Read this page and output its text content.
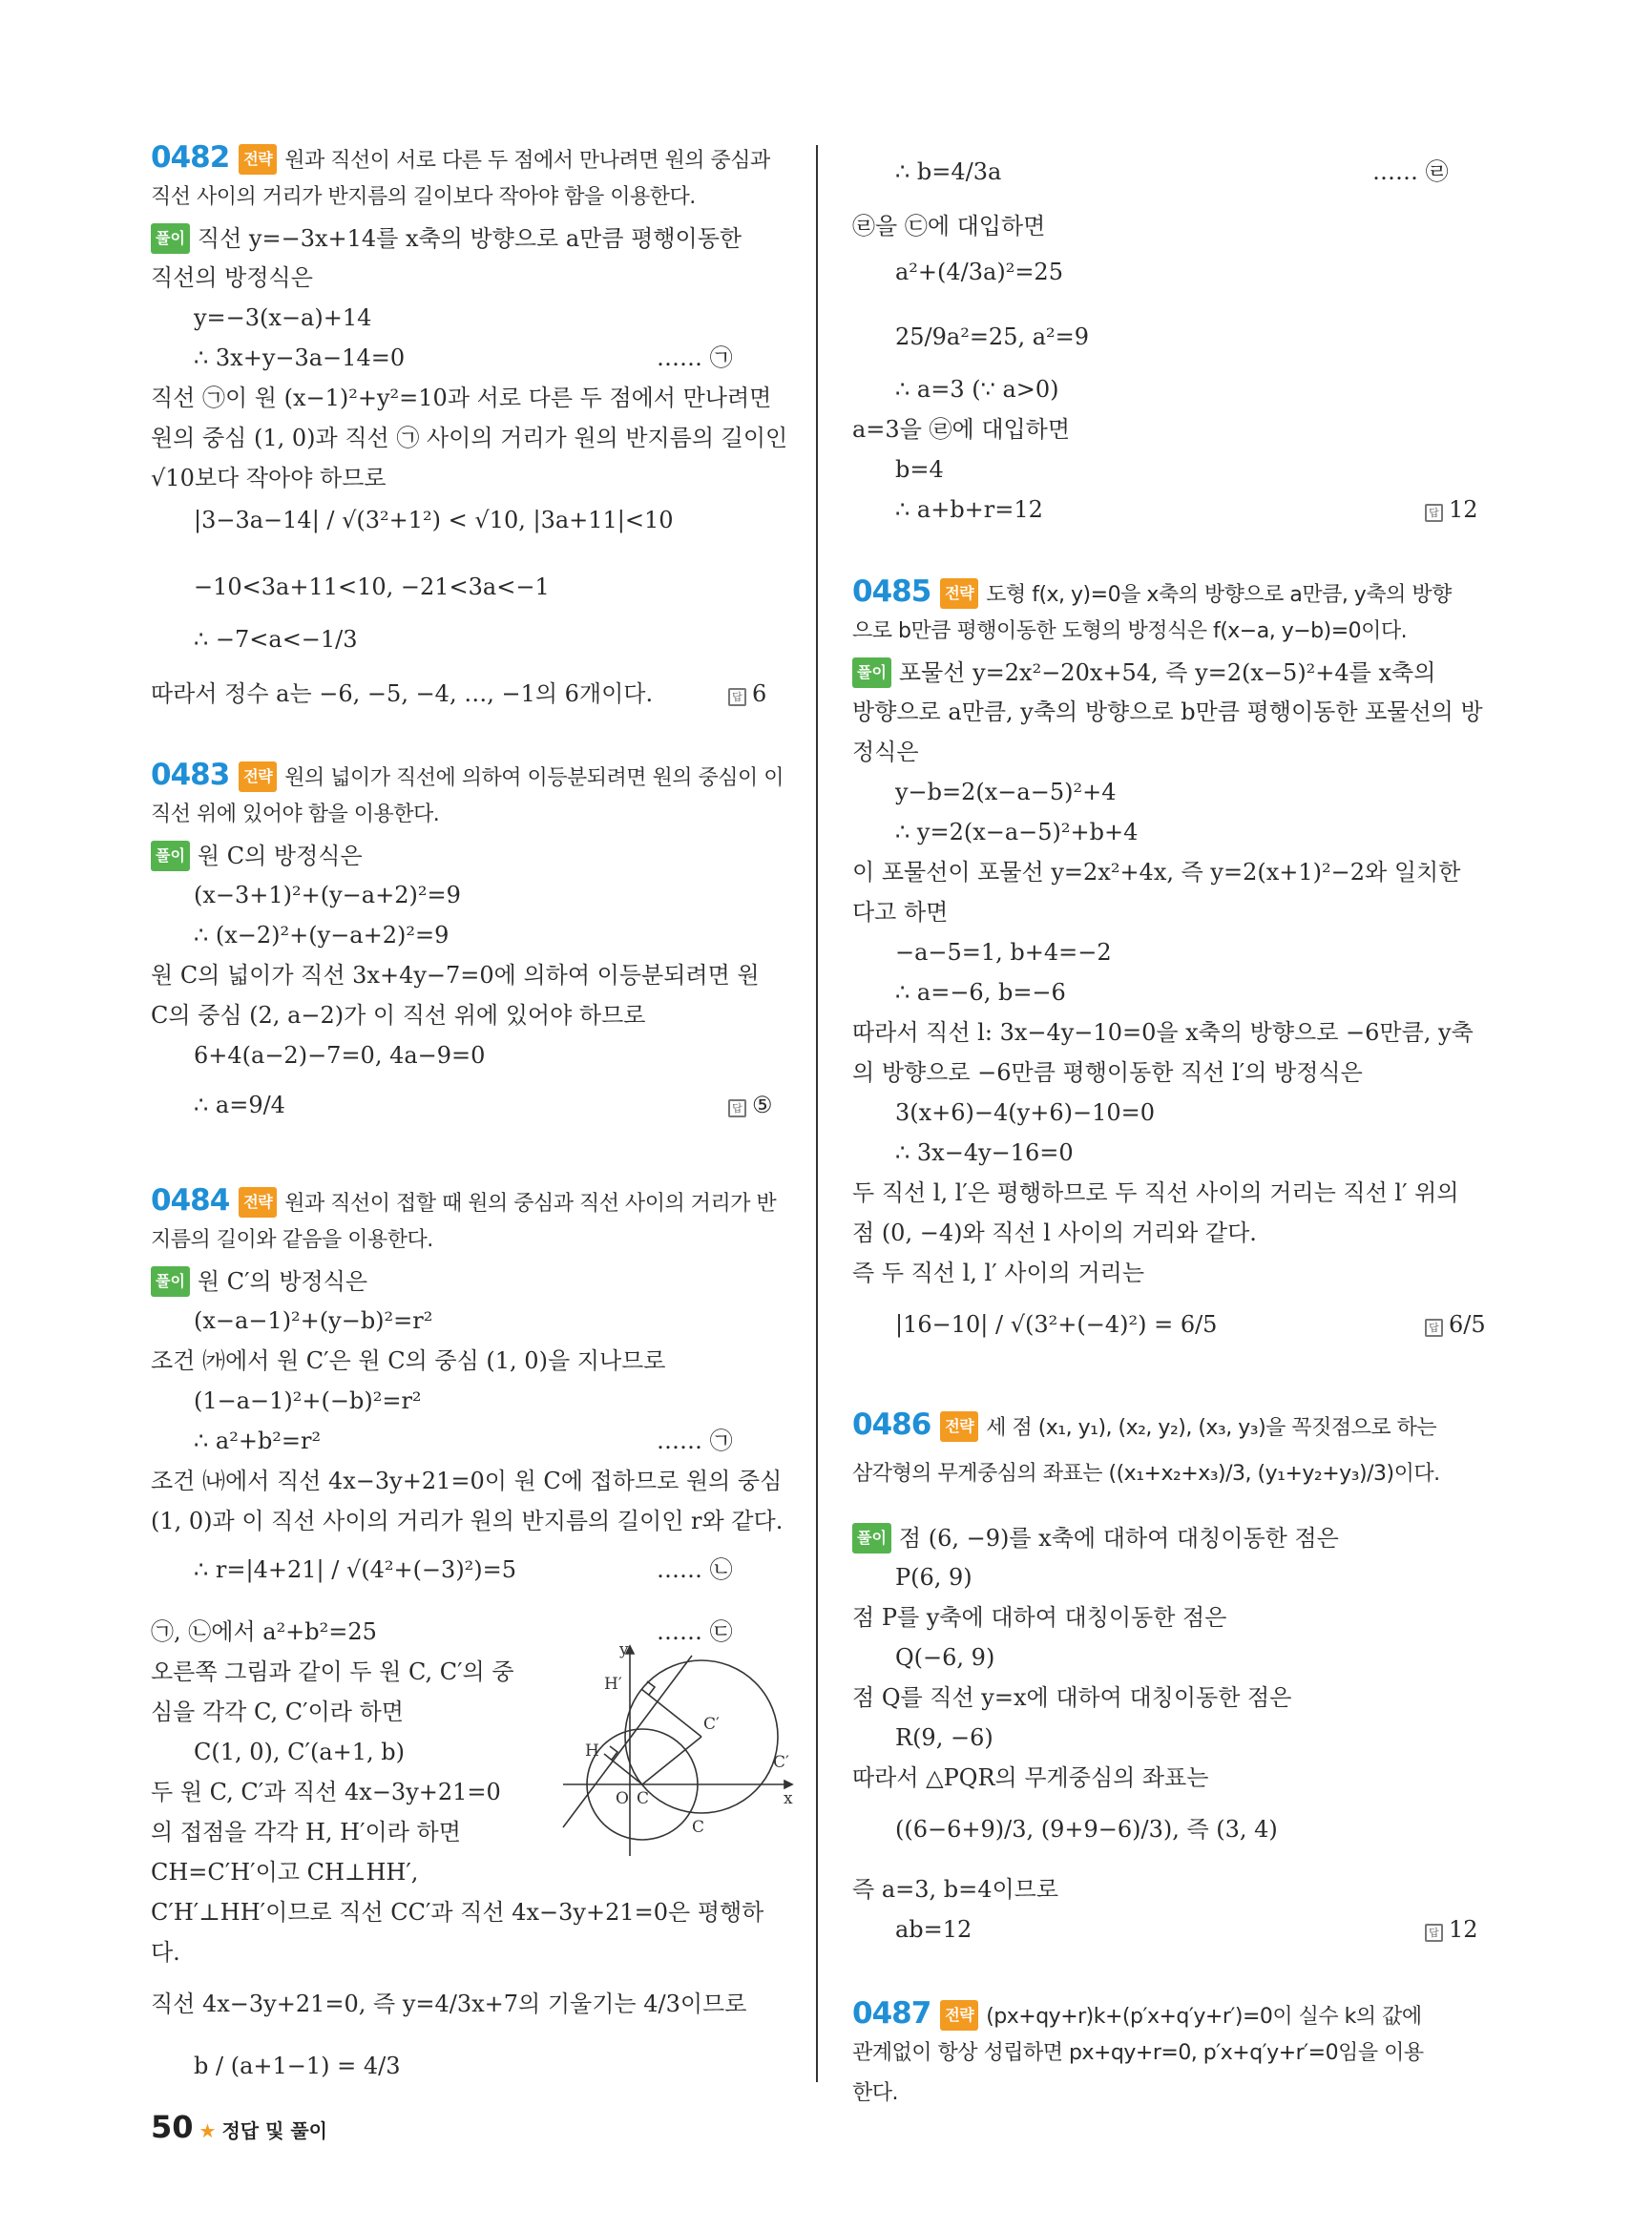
0482 전략 원과 직선이 서로 다른 두 점에서 만나려면 원의 중심과
직선 사이의 거리가 반지름의 길이보다 작아야 함을 이용한다.
풀이 직선 y=−3x+14를 x축의 방향으로 a만큼 평행이동한
직선의 방정식은
y=−3(x−a)+14
∴ 3x+y−3a−14=0
직선 ㉠이 원 (x−1)²+y²=10과 서로 다른 두 점에서 만나려면
원의 중심 (1, 0)과 직선 ㉠ 사이의 거리가 원의 반지름의 길이인
√10보다 작아야 하므로
|3−3a−14| / √(3²+1²) < √10, |3a+11|<10
−10<3a+11<10, −21<3a<−1
∴ −7<a<−1/3
따라서 정수 a는 −6, −5, −4, …, −1의 6개이다.
0483 전략 원의 넓이가 직선에 의하여 이등분되려면 원의 중심이 이
직선 위에 있어야 함을 이용한다.
풀이 원 C의 방정식은
(x−3+1)²+(y−a+2)²=9
∴ (x−2)²+(y−a+2)²=9
원 C의 넓이가 직선 3x+4y−7=0에 의하여 이등분되려면 원
C의 중심 (2, a−2)가 이 직선 위에 있어야 하므로
6+4(a−2)−7=0, 4a−9=0
∴ a=9/4
0484 전략 원과 직선이 접할 때 원의 중심과 직선 사이의 거리가 반
지름의 길이와 같음을 이용한다.
풀이 원 C′의 방정식은
(x−a−1)²+(y−b)²=r²
조건 ㈎에서 원 C′은 원 C의 중심 (1, 0)을 지나므로
(1−a−1)²+(−b)²=r²
∴ a²+b²=r²
조건 ㈏에서 직선 4x−3y+21=0이 원 C에 접하므로 원의 중심
(1, 0)과 이 직선 사이의 거리가 원의 반지름의 길이인 r와 같다.
∴ r=|4+21| / √(4²+(−3)²)=5
㉠, ㉡에서 a²+b²=25
오른쪽 그림과 같이 두 원 C, C′의 중
심을 각각 C, C′이라 하면
C(1, 0), C′(a+1, b)
두 원 C, C′과 직선 4x−3y+21=0
의 접점을 각각 H, H′이라 하면
CH=C′H′이고 CH⊥HH′,
C′H′⊥HH′이므로 직선 CC′과 직선 4x−3y+21=0은 평행하
다.
직선 4x−3y+21=0, 즉 y=4/3x+7의 기울기는 4/3이므로
b / (a+1−1) = 4/3
…… ㉠
…… ㉠
…… ㉡
…… ㉢
답 6
답 ⑤
∴ b=4/3a
㉣을 ㉢에 대입하면
a²+(4/3a)²=25
25/9a²=25, a²=9
∴ a=3 (∵ a>0)
a=3을 ㉣에 대입하면
b=4
∴ a+b+r=12
0485 전략 도형 f(x, y)=0을 x축의 방향으로 a만큼, y축의 방향
으로 b만큼 평행이동한 도형의 방정식은 f(x−a, y−b)=0이다.
풀이 포물선 y=2x²−20x+54, 즉 y=2(x−5)²+4를 x축의
방향으로 a만큼, y축의 방향으로 b만큼 평행이동한 포물선의 방
정식은
y−b=2(x−a−5)²+4
∴ y=2(x−a−5)²+b+4
이 포물선이 포물선 y=2x²+4x, 즉 y=2(x+1)²−2와 일치한
다고 하면
−a−5=1, b+4=−2
∴ a=−6, b=−6
따라서 직선 l: 3x−4y−10=0을 x축의 방향으로 −6만큼, y축
의 방향으로 −6만큼 평행이동한 직선 l′의 방정식은
3(x+6)−4(y+6)−10=0
∴ 3x−4y−16=0
두 직선 l, l′은 평행하므로 두 직선 사이의 거리는 직선 l′ 위의
점 (0, −4)와 직선 l 사이의 거리와 같다.
즉 두 직선 l, l′ 사이의 거리는
|16−10| / √(3²+(−4)²) = 6/5
0486 전략 세 점 (x₁, y₁), (x₂, y₂), (x₃, y₃)을 꼭짓점으로 하는
삼각형의 무게중심의 좌표는 ((x₁+x₂+x₃)/3, (y₁+y₂+y₃)/3)이다.
풀이 점 (6, −9)를 x축에 대하여 대칭이동한 점은
P(6, 9)
점 P를 y축에 대하여 대칭이동한 점은
Q(−6, 9)
점 Q를 직선 y=x에 대하여 대칭이동한 점은
R(9, −6)
따라서 △PQR의 무게중심의 좌표는
((6−6+9)/3, (9+9−6)/3), 즉 (3, 4)
즉 a=3, b=4이므로
ab=12
0487 전략 (px+qy+r)k+(p′x+q′y+r′)=0이 실수 k의 값에
관계없이 항상 성립하면 px+qy+r=0, p′x+q′y+r′=0임을 이용
한다.
…… ㉣
답 12
답 6/5
답 12
y
x
O C
C
C′
C′
H
H′
50 ★ 정답 및 풀이
